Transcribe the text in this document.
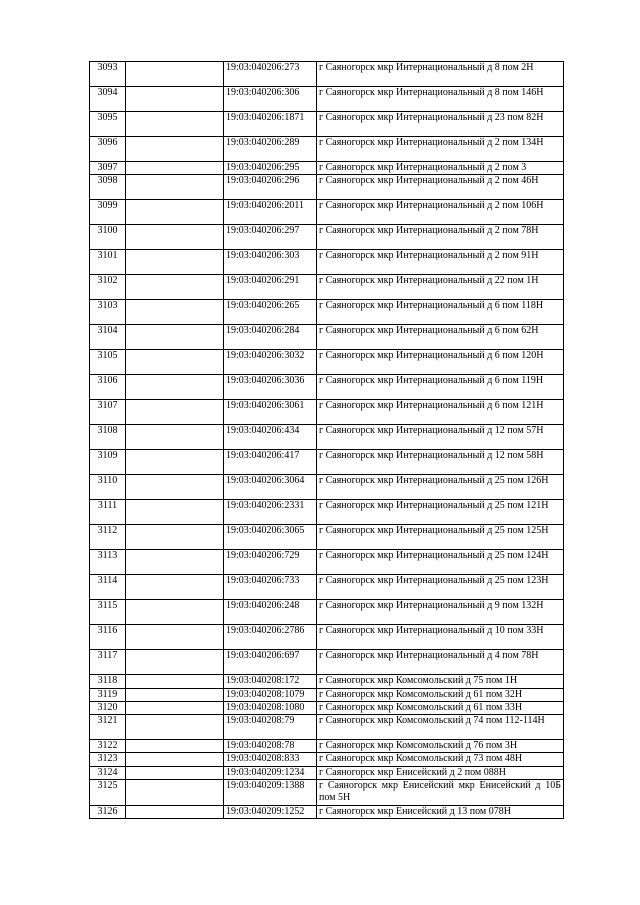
3093		19:03:040206:273	г Саяногорск мкр Интернациональный д 8 пом 2Н
3094		19:03:040206:306	г Саяногорск мкр Интернациональный д 8 пом 146Н
3095		19:03:040206:1871	г Саяногорск мкр Интернациональный д 23 пом 82Н
3096		19:03:040206:289	г Саяногорск мкр Интернациональный д 2 пом 134Н
3097		19:03:040206:295	г Саяногорск мкр Интернациональный д 2 пом 3
3098		19:03:040206:296	г Саяногорск мкр Интернациональный д 2 пом 46Н
3099		19:03:040206:2011	г Саяногорск мкр Интернациональный д 2 пом 106Н
3100		19:03:040206:297	г Саяногорск мкр Интернациональный д 2 пом 78Н
3101		19:03:040206:303	г Саяногорск мкр Интернациональный д 2 пом 91Н
3102		19:03:040206:291	г Саяногорск мкр Интернациональный д 22 пом 1Н
3103		19:03:040206:265	г Саяногорск мкр Интернациональный д 6 пом 118Н
3104		19:03:040206:284	г Саяногорск мкр Интернациональный д 6 пом 62Н
3105		19:03:040206:3032	г Саяногорск мкр Интернациональный д 6 пом 120Н
3106		19:03:040206:3036	г Саяногорск мкр Интернациональный д 6 пом 119Н
3107		19:03:040206:3061	г Саяногорск мкр Интернациональный д 6 пом 121Н
3108		19:03:040206:434	г Саяногорск мкр Интернациональный д 12 пом 57Н
3109		19:03:040206:417	г Саяногорск мкр Интернациональный д 12 пом 58Н
3110		19:03:040206:3064	г Саяногорск мкр Интернациональный д 25 пом 126Н
3111		19:03:040206:2331	г Саяногорск мкр Интернациональный д 25 пом 121Н
3112		19:03:040206:3065	г Саяногорск мкр Интернациональный д 25 пом 125Н
3113		19:03:040206:729	г Саяногорск мкр Интернациональный д 25 пом 124Н
3114		19:03:040206:733	г Саяногорск мкр Интернациональный д 25 пом 123Н
3115		19:03:040206:248	г Саяногорск мкр Интернациональный д 9 пом 132Н
3116		19:03:040206:2786	г Саяногорск мкр Интернациональный д 10 пом 33Н
3117		19:03:040206:697	г Саяногорск мкр Интернациональный д 4 пом 78Н
3118		19:03:040208:172	г Саяногорск мкр Комсомольский д 75 пом 1Н
3119		19:03:040208:1079	г Саяногорск мкр Комсомольский д 61 пом 32Н
3120		19:03:040208:1080	г Саяногорск мкр Комсомольский д 61 пом 33Н
3121		19:03:040208:79	г Саяногорск мкр Комсомольский д 74 пом 112-114Н
3122		19:03:040208:78	г Саяногорск мкр Комсомольский д 76 пом 3Н
3123		19:03:040208:833	г Саяногорск мкр Комсомольский д 73 пом 48Н
3124		19:03:040209:1234	г Саяногорск мкр Енисейский д 2 пом 088Н
3125		19:03:040209:1388	г Саяногорск мкр Енисейский мкр Енисейский д 10Б пом 5Н
3126		19:03:040209:1252	г Саяногорск мкр Енисейский д 13 пом 078Н
